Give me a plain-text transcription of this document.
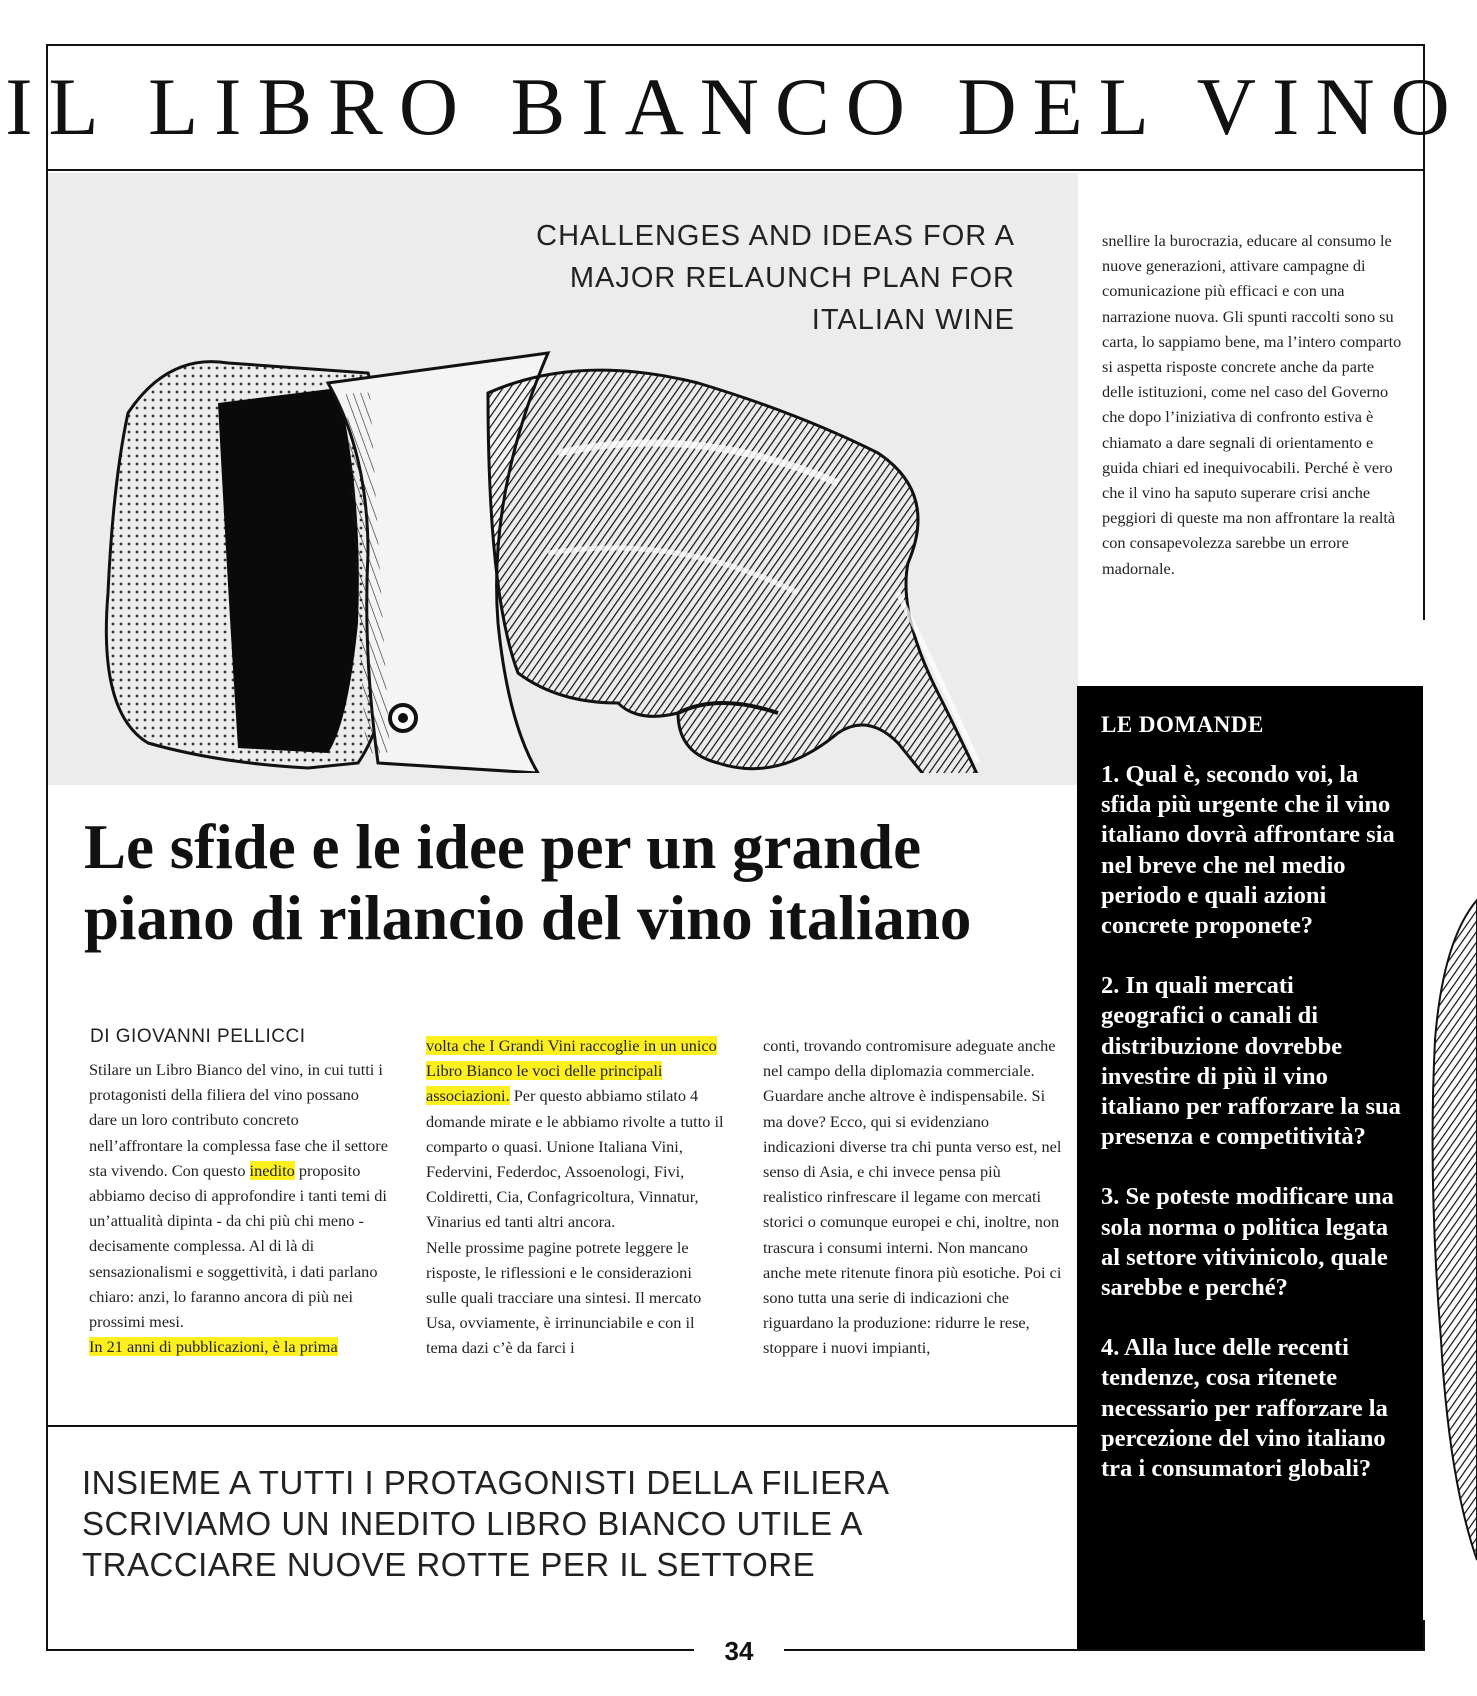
IL LIBRO BIANCO DEL VINO
CHALLENGES AND IDEAS FOR A
MAJOR RELAUNCH PLAN FOR
ITALIAN WINE

snellire la burocrazia, educare al consumo le nuove generazioni, attivare campagne di comunicazione più efficaci e con una narrazione nuova. Gli spunti raccolti sono su carta, lo sappiamo bene, ma l’intero comparto si aspetta risposte concrete anche da parte delle istituzioni, come nel caso del Governo che dopo l’iniziativa di confronto estiva è chiamato a dare segnali di orientamento e guida chiari ed inequivocabili. Perché è vero che il vino ha saputo superare crisi anche peggiori di queste ma non affrontare la realtà con consapevolezza sarebbe un errore madornale.

LE DOMANDE
1. Qual è, secondo voi, la sfida più urgente che il vino italiano dovrà affrontare sia nel breve che nel medio periodo e quali azioni concrete proponete?
2. In quali mercati geografici o canali di distribuzione dovrebbe investire di più il vino italiano per rafforzare la sua presenza e competitività?
3. Se poteste modificare una sola norma o politica legata al settore vitivinicolo, quale sarebbe e perché?
4. Alla luce delle recenti tendenze, cosa ritenete necessario per rafforzare la percezione del vino italiano tra i consumatori globali?
Le sfide e le idee per un grande piano di rilancio del vino italiano
DI GIOVANNI PELLICCI

Stilare un Libro Bianco del vino, in cui tutti i protagonisti della filiera del vino possano dare un loro contributo concreto nell’affrontare la complessa fase che il settore sta vivendo. Con questo inedito proposito abbiamo deciso di approfondire i tanti temi di un’attualità dipinta - da chi più chi meno - decisamente complessa. Al di là di sensazionalismi e soggettività, i dati parlano chiaro: anzi, lo faranno ancora di più nei prossimi mesi.

In 21 anni di pubblicazioni, è la prima

volta che I Grandi Vini raccoglie in un unico Libro Bianco le voci delle principali associazioni. Per questo abbiamo stilato 4 domande mirate e le abbiamo rivolte a tutto il comparto o quasi. Unione Italiana Vini, Federvini, Federdoc, Assoenologi, Fivi, Coldiretti, Cia, Confagricoltura, Vinnatur, Vinarius ed tanti altri ancora.

Nelle prossime pagine potrete leggere le risposte, le riflessioni e le considerazioni sulle quali tracciare una sintesi. Il mercato Usa, ovviamente, è irrinunciabile e con il tema dazi c’è da farci i

conti, trovando contromisure adeguate anche nel campo della diplomazia commerciale. Guardare anche altrove è indispensabile. Si ma dove? Ecco, qui si evidenziano indicazioni diverse tra chi punta verso est, nel senso di Asia, e chi invece pensa più realistico rinfrescare il legame con mercati storici o comunque europei e chi, inoltre, non trascura i consumi interni. Non mancano anche mete ritenute finora più esotiche. Poi ci sono tutta una serie di indicazioni che riguardano la produzione: ridurre le rese, stoppare i nuovi impianti,

INSIEME A TUTTI I PROTAGONISTI DELLA FILIERA
SCRIVIAMO UN INEDITO LIBRO BIANCO UTILE A
TRACCIARE NUOVE ROTTE PER IL SETTORE
34
